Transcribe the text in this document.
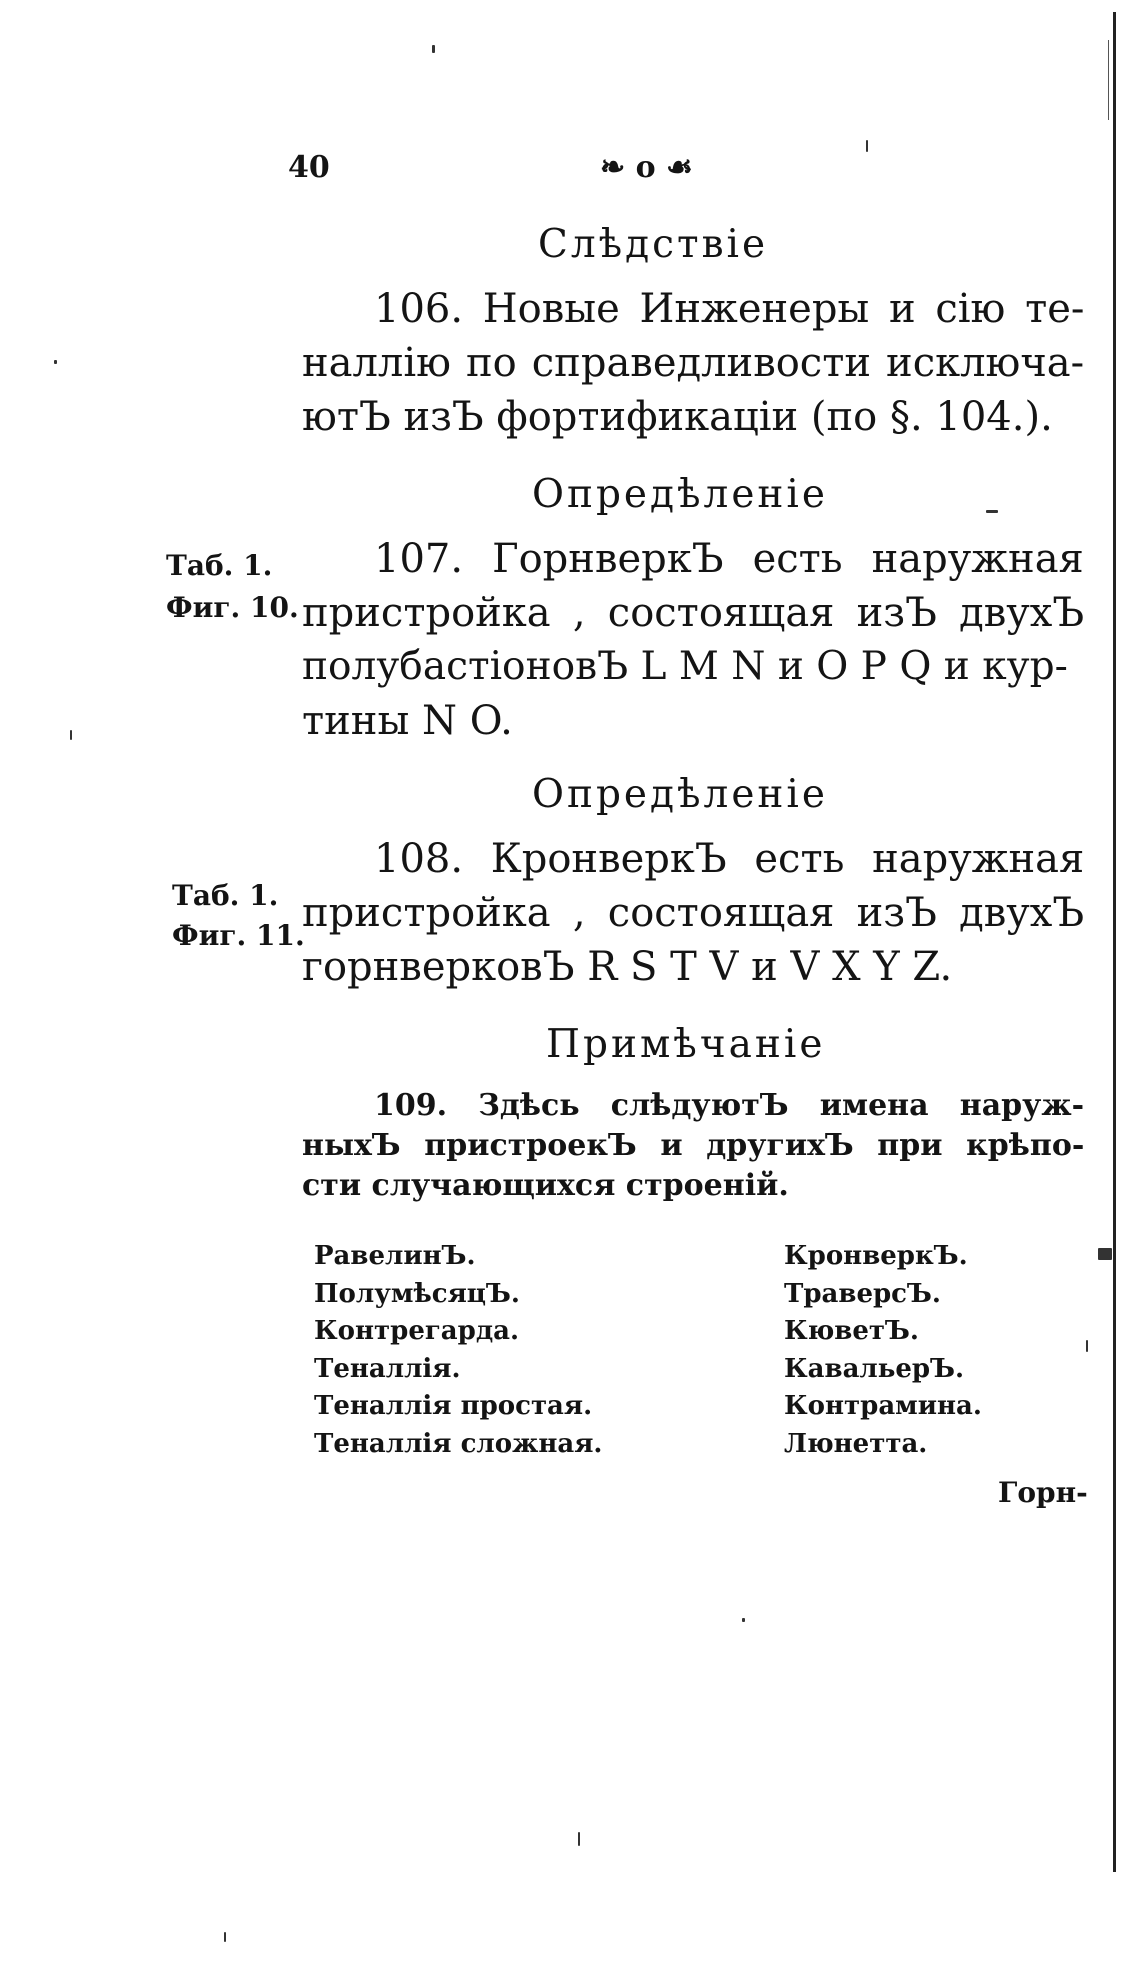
40	❧ o ☙
Слѣдствіе
106. Новые Инженеры и сію те-
наллію по справедливости исключа-
ютЪ изЪ фортификаціи (по §. 104.).
Опредѣленіе
Таб. 1.
Фиг. 10.
107. ГорнверкЪ есть наружная
пристройка , состоящая изЪ двухЪ
полубастіоновЪ L M N и O P Q и кур-
тины N O.
Опредѣленіе
Таб. 1.
Фиг. 11.
108. КронверкЪ есть наружная
пристройка , состоящая изЪ двухЪ
горнверковЪ R S T V и V X Y Z.
Примѣчаніе
109. Здѣсь слѣдуютЪ имена наруж-
ныхЪ пристроекЪ и другихЪ при крѣпо-
сти случающихся строеній.
РавелинЪ.
ПолумѣсяцЪ.
Контрегарда.
Теналлія.
Теналлія простая.
Теналлія сложная.
КронверкЪ.
ТраверсЪ.
КюветЪ.
КавальерЪ.
Контрамина.
Люнетта.
Горн-
